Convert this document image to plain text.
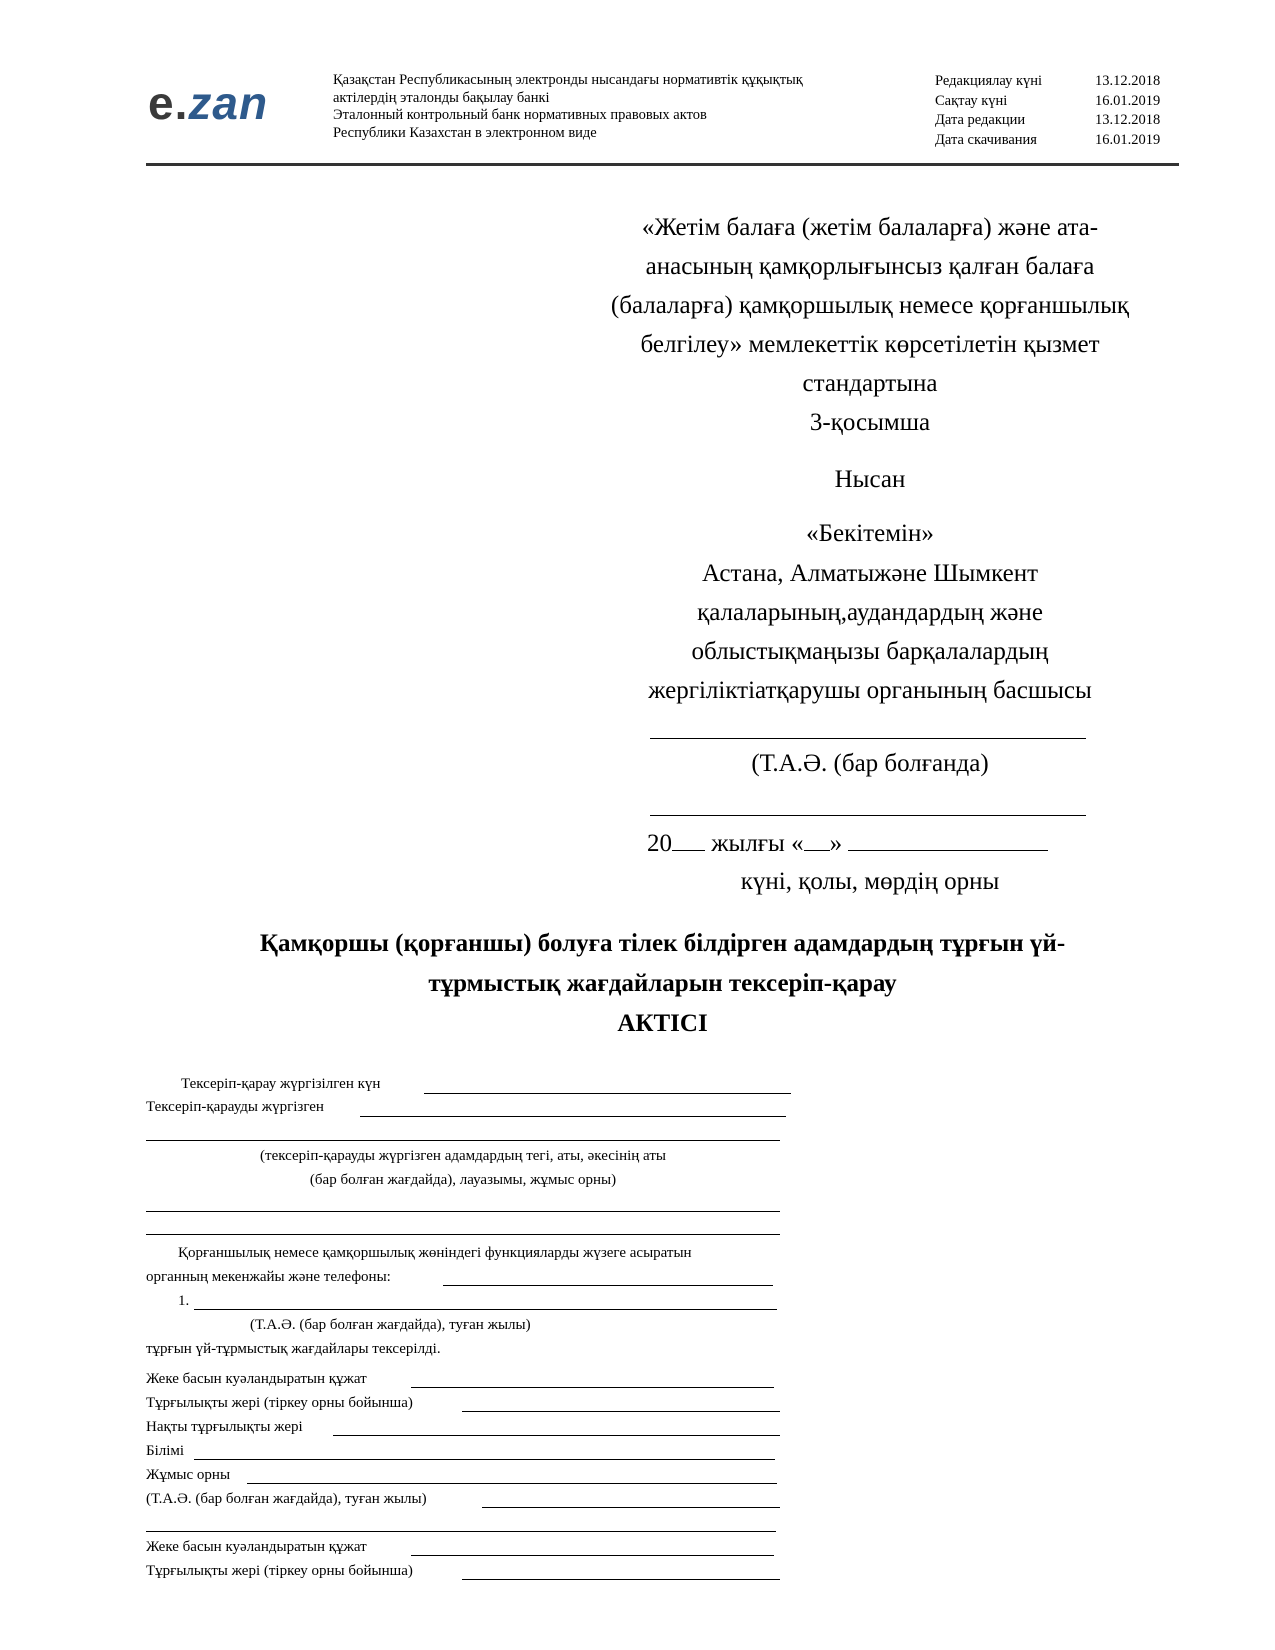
e.zan	Қазақстан Республикасының электронды нысандағы нормативтік құқықтық
актілердің эталонды бақылау банкі
Эталонный контрольный банк нормативных правовых актов
Республики Казахстан в электронном виде
Редакциялау күні	13.12.2018
Сақтау күні	16.01.2019
Дата редакции	13.12.2018
Дата скачивания	16.01.2019
«Жетім балаға (жетім балаларға) және ата-
анасының қамқорлығынсыз қалған балаға
(балаларға) қамқоршылық немесе қорғаншылық
белгілеу» мемлекеттік көрсетілетін қызмет
стандартына
3-қосымша
Нысан
«Бекітемін»
Астана, Алматыжәне Шымкент
қалаларының,аудандардың және
облыстықмаңызы барқалалардың
жергіліктіатқарушы органының басшысы
(Т.А.Ә. (бар болғанда)
20 жылғы « »
күні, қолы, мөрдің орны
Қамқоршы (қорғаншы) болуға тілек білдірген адамдардың тұрғын үй-
тұрмыстық жағдайларын тексеріп-қарау
АКТІСІ
Тексеріп-қарау жүргізілген күн
Тексеріп-қарауды жүргізген
(тексеріп-қарауды жүргізген адамдардың тегі, аты, әкесінің аты
(бар болған жағдайда), лауазымы, жұмыс орны)
Қорғаншылық немесе қамқоршылық жөніндегі функцияларды жүзеге асыратын
органның мекенжайы және телефоны:
1.
(Т.А.Ә. (бар болған жағдайда), туған жылы)
тұрғын үй-тұрмыстық жағдайлары тексерілді.
Жеке басын куәландыратын құжат
Тұрғылықты жері (тіркеу орны бойынша)
Нақты тұрғылықты жері
Білімі
Жұмыс орны
(Т.А.Ә. (бар болған жағдайда), туған жылы)
Жеке басын куәландыратын құжат
Тұрғылықты жері (тіркеу орны бойынша)
